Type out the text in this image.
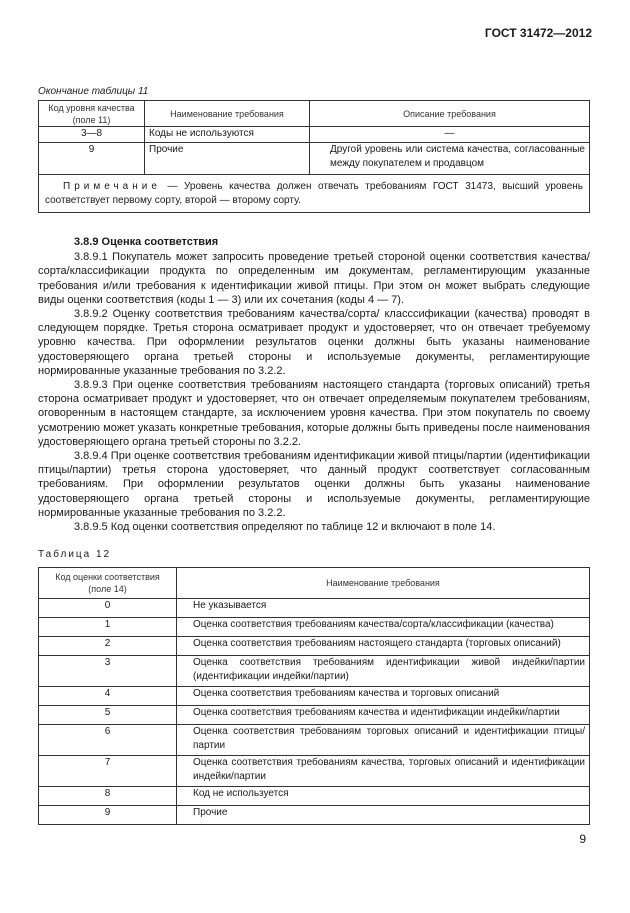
ГОСТ 31472—2012
Окончание таблицы 11
Код уровня качества (поле 11)	Наименование требования	Описание требования
3—8	Коды не используются	—
9	Прочие	Другой уровень или система качества, согласованные между покупателем и продавцом
Примечание — Уровень качества должен отвечать требованиям ГОСТ 31473, высший уровень соответствует первому сорту, второй — второму сорту.		
3.8.9 Оценка соответствия

3.8.9.1 Покупатель может запросить проведение третьей стороной оценки соответствия качества/сорта/классификации продукта по определенным им документам, регламентирующим указанные требования и/или требования к идентификации живой птицы. При этом он может выбрать следующие виды оценки соответствия (коды 1 — 3) или их сочетания (коды 4 — 7).

3.8.9.2 Оценку соответствия требованиям качества/сорта/ класссификации (качества) проводят в следующем порядке. Третья сторона осматривает продукт и удостоверяет, что он отвечает требуемому уровню качества. При оформлении результатов оценки должны быть указаны наименование удостоверяющего органа третьей стороны и используемые документы, регламентирующие нормированные указанные требования по 3.2.2.

3.8.9.3 При оценке соответствия требованиям настоящего стандарта (торговых описаний) третья сторона осматривает продукт и удостоверяет, что он отвечает определяемым покупателем требованиям, оговоренным в настоящем стандарте, за исключением уровня качества. При этом покупатель по своему усмотрению может указать конкретные требования, которые должны быть приведены после наименования удостоверяющего органа третьей стороны по 3.2.2.

3.8.9.4 При оценке соответствия требованиям идентификации живой птицы/партии (идентификации птицы/партии) третья сторона удостоверяет, что данный продукт соответствует согласованным требованиям. При оформлении результатов оценки должны быть указаны наименование удостоверяющего органа третьей стороны и используемые документы, регламентирующие нормированные указанные требования по 3.2.2.

3.8.9.5 Код оценки соответствия определяют по таблице 12 и включают в поле 14.

Таблица 12
Код оценки соответствия (поле 14)	Наименование требования
0	Не указывается
1	Оценка соответствия требованиям качества/сорта/классификации (качества)
2	Оценка соответствия требованиям настоящего стандарта (торговых описаний)
3	Оценка соответствия требованиям идентификации живой индейки/партии (идентификации индейки/партии)
4	Оценка соответствия требованиям качества и торговых описаний
5	Оценка соответствия требованиям качества и идентификации индейки/партии
6	Оценка соответствия требованиям торговых описаний и идентификации птицы/партии
7	Оценка соответствия требованиям качества, торговых описаний и идентификации индейки/партии
8	Код не используется
9	Прочие
9
